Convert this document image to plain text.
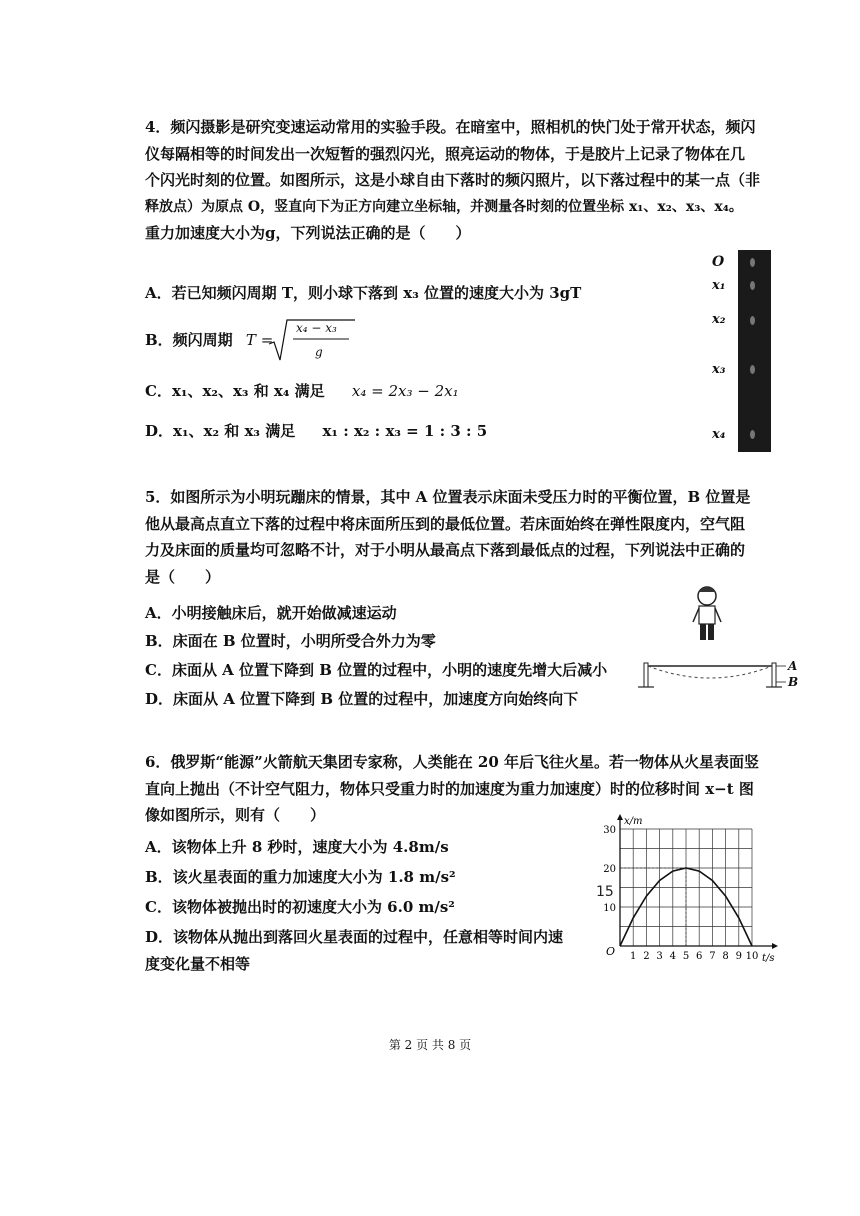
4．频闪摄影是研究变速运动常用的实验手段。在暗室中，照相机的快门处于常开状态，频闪
仪每隔相等的时间发出一次短暂的强烈闪光，照亮运动的物体，于是胶片上记录了物体在几
个闪光时刻的位置。如图所示，这是小球自由下落时的频闪照片，以下落过程中的某一点（非
释放点）为原点 O，竖直向下为正方向建立坐标轴，并测量各时刻的位置坐标 x₁、x₂、x₃、x₄。
重力加速度大小为g，下列说法正确的是（　　）
A．若已知频闪周期 T，则小球下落到 x₃ 位置的速度大小为 3gT
B．频闪周期 T =
x₄ − x₃
g
C．x₁、x₂、x₃ 和 x₄ 满足 x₄ = 2x₃ − 2x₁
D．x₁、x₂ 和 x₃ 满足 x₁ : x₂ : x₃ = 1 : 3 : 5
O
x₁
x₂
x₃
x₄
5．如图所示为小明玩蹦床的情景，其中 A 位置表示床面未受压力时的平衡位置，B 位置是
他从最高点直立下落的过程中将床面所压到的最低位置。若床面始终在弹性限度内，空气阻
力及床面的质量均可忽略不计，对于小明从最高点下落到最低点的过程，下列说法中正确的
是（　　）
A．小明接触床后，就开始做减速运动
B．床面在 B 位置时，小明所受合外力为零
C．床面从 A 位置下降到 B 位置的过程中，小明的速度先增大后减小
D．床面从 A 位置下降到 B 位置的过程中，加速度方向始终向下
A
B
6．俄罗斯“能源”火箭航天集团专家称，人类能在 20 年后飞往火星。若一物体从火星表面竖
直向上抛出（不计空气阻力，物体只受重力时的加速度为重力加速度）时的位移时间 x−t 图
像如图所示，则有（　　）
A．该物体上升 8 秒时，速度大小为 4.8m/s
B．该火星表面的重力加速度大小为 1.8 m/s²
C．该物体被抛出时的初速度大小为 6.0 m/s²
D．该物体从抛出到落回火星表面的过程中，任意相等时间内速
度变化量不相等	1 2 3 4 5 6 7 8 9 10
10
20
30
x/m
t/s
O
15
第 2 页 共 8 页
